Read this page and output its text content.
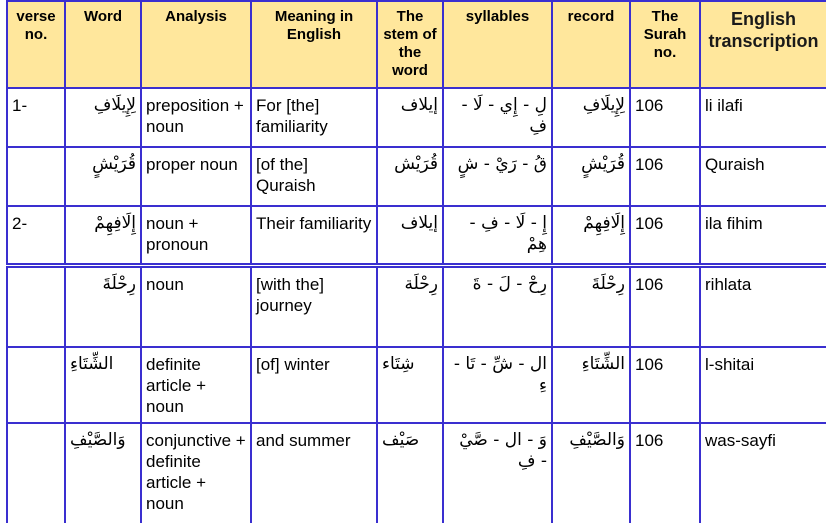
verse no.	Word	Analysis	Meaning in English	The stem of the word	syllables	record	The Surah no.	English transcription
1-	لِإِيلَافِ	preposition + noun	For [the] familiarity	إيلاف	لِ - إِي - لَا - فِ	لِإِيلَافِ	106	li ilafi
	قُرَيْشٍ	proper noun	[of the] Quraish	قُرَيْش	قُ - رَيْ - شٍ	قُرَيْشٍ	106	Quraish
2-	إِلَافِهِمْ	noun + pronoun	Their familiarity	إيلاف	إِ - لَا - فِ - هِمْ	إِلَافِهِمْ	106	ila fihim
	رِحْلَةَ	noun	[with the] journey	رِحْلَة	رِحْ - لَ - ةَ	رِحْلَةَ	106	rihlata
	الشِّتَاءِ	definite article + noun	[of] winter	شِتَاء	ال - شِّ - تَا - ءِ	الشِّتَاءِ	106	l-shitai
	وَالصَّيْفِ	conjunctive + definite article + noun	and summer	صَيْف	وَ - ال - صَّيْ - فِ	وَالصَّيْفِ	106	was-sayfi
